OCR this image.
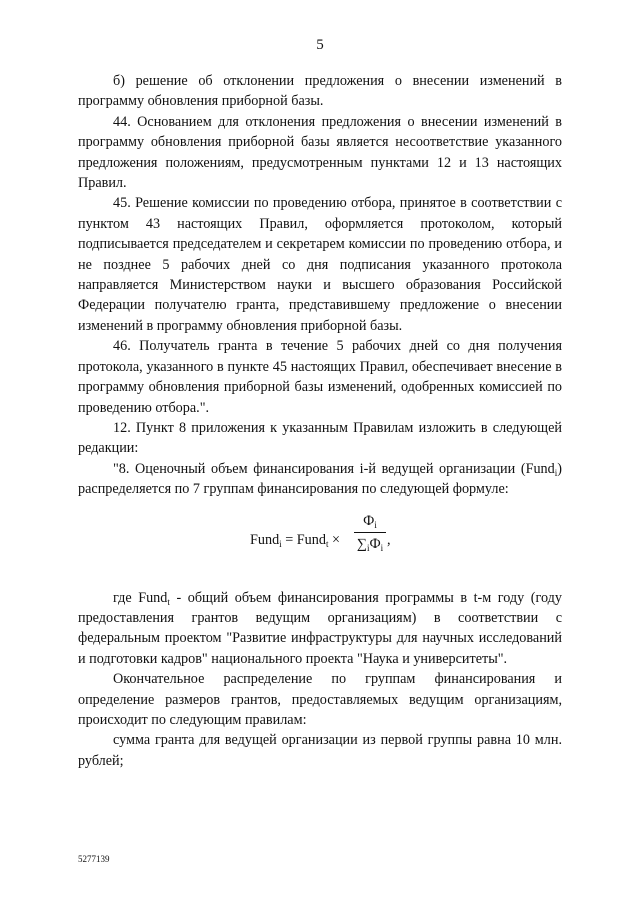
5

б) решение об отклонении предложения о внесении изменений в программу обновления приборной базы.

44. Основанием для отклонения предложения о внесении изменений в программу обновления приборной базы является несоответствие указанного предложения положениям, предусмотренным пунктами 12 и 13 настоящих Правил.

45. Решение комиссии по проведению отбора, принятое в соответствии с пунктом 43 настоящих Правил, оформляется протоколом, который подписывается председателем и секретарем комиссии по проведению отбора, и не позднее 5 рабочих дней со дня подписания указанного протокола направляется Министерством науки и высшего образования Российской Федерации получателю гранта, представившему предложение о внесении изменений в программу обновления приборной базы.

46. Получатель гранта в течение 5 рабочих дней со дня получения протокола, указанного в пункте 45 настоящих Правил, обеспечивает внесение в программу обновления приборной базы изменений, одобренных комиссией по проведению отбора.".

12. Пункт 8 приложения к указанным Правилам изложить в следующей редакции:

"8. Оценочный объем финансирования i-й ведущей организации (Fund$_i$) распределяется по 7 группам финансирования по следующей формуле:

Fund$_i$ = Fund$_t$ ×
$Ф_i$
$\sum_iФ_i$ ,

где Fund$_t$ - общий объем финансирования программы в t-м году (году предоставления грантов ведущим организациям) в соответствии с федеральным проектом "Развитие инфраструктуры для научных исследований и подготовки кадров" национального проекта "Наука и университеты".

Окончательное распределение по группам финансирования и определение размеров грантов, предоставляемых ведущим организациям, происходит по следующим правилам:

сумма гранта для ведущей организации из первой группы равна 10 млн. рублей;

5277139
